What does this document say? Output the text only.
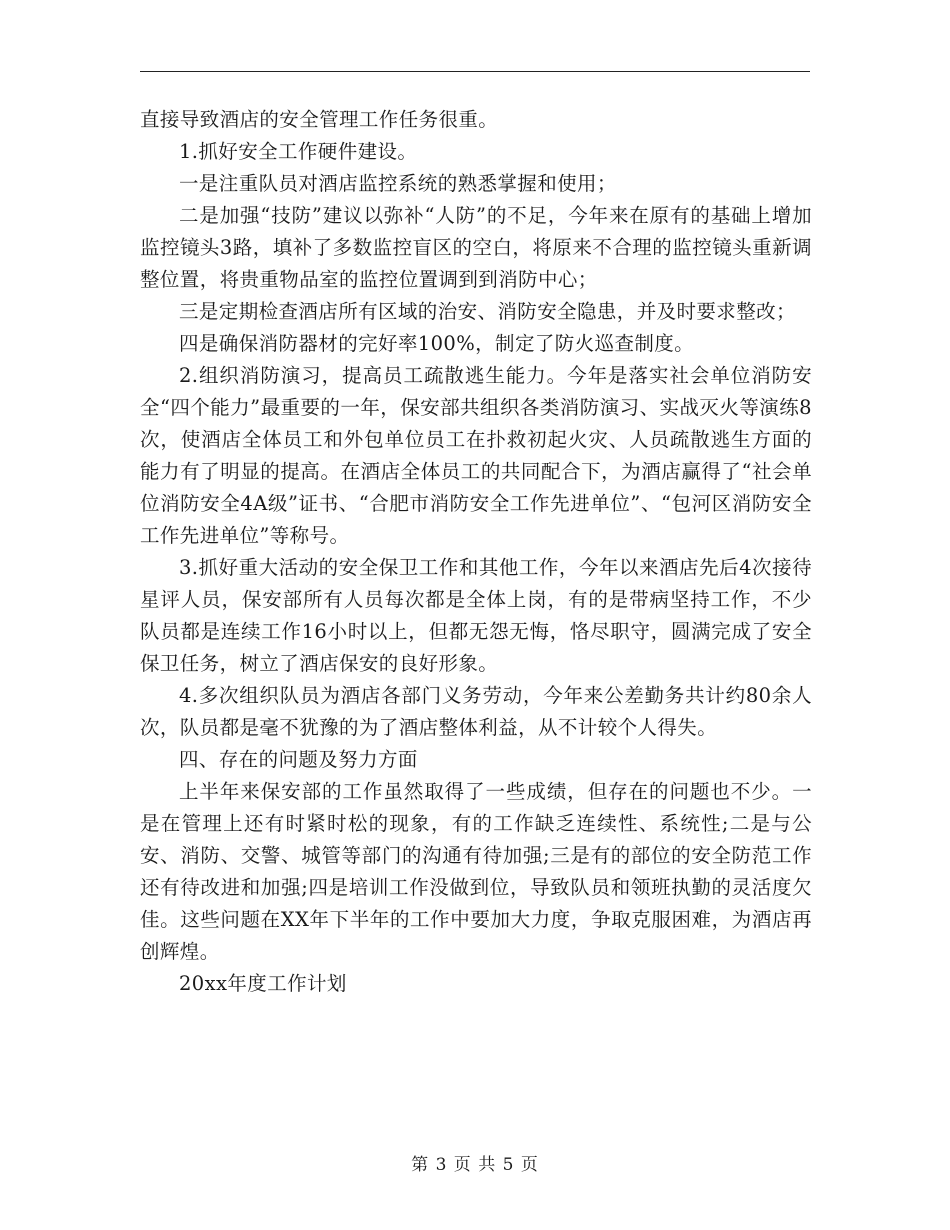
直接导致酒店的安全管理工作任务很重。

1.抓好安全工作硬件建设。

一是注重队员对酒店监控系统的熟悉掌握和使用；

二是加强“技防”建议以弥补“人防”的不足，今年来在原有的基础上增加监控镜头3路，填补了多数监控盲区的空白，将原来不合理的监控镜头重新调整位置，将贵重物品室的监控位置调到到消防中心；

三是定期检查酒店所有区域的治安、消防安全隐患，并及时要求整改；

四是确保消防器材的完好率100%，制定了防火巡查制度。

2.组织消防演习，提高员工疏散逃生能力。今年是落实社会单位消防安全“四个能力”最重要的一年，保安部共组织各类消防演习、实战灭火等演练8次，使酒店全体员工和外包单位员工在扑救初起火灾、人员疏散逃生方面的能力有了明显的提高。在酒店全体员工的共同配合下，为酒店赢得了“社会单位消防安全4A级”证书、“合肥市消防安全工作先进单位”、“包河区消防安全工作先进单位”等称号。

3.抓好重大活动的安全保卫工作和其他工作，今年以来酒店先后4次接待星评人员，保安部所有人员每次都是全体上岗，有的是带病坚持工作，不少队员都是连续工作16小时以上，但都无怨无悔，恪尽职守，圆满完成了安全保卫任务，树立了酒店保安的良好形象。

4.多次组织队员为酒店各部门义务劳动，今年来公差勤务共计约80余人次，队员都是毫不犹豫的为了酒店整体利益，从不计较个人得失。

四、存在的问题及努力方面

上半年来保安部的工作虽然取得了一些成绩，但存在的问题也不少。一是在管理上还有时紧时松的现象，有的工作缺乏连续性、系统性;二是与公安、消防、交警、城管等部门的沟通有待加强;三是有的部位的安全防范工作还有待改进和加强;四是培训工作没做到位，导致队员和领班执勤的灵活度欠佳。这些问题在XX年下半年的工作中要加大力度，争取克服困难，为酒店再创辉煌。

20xx年度工作计划

第 3 页 共 5 页
